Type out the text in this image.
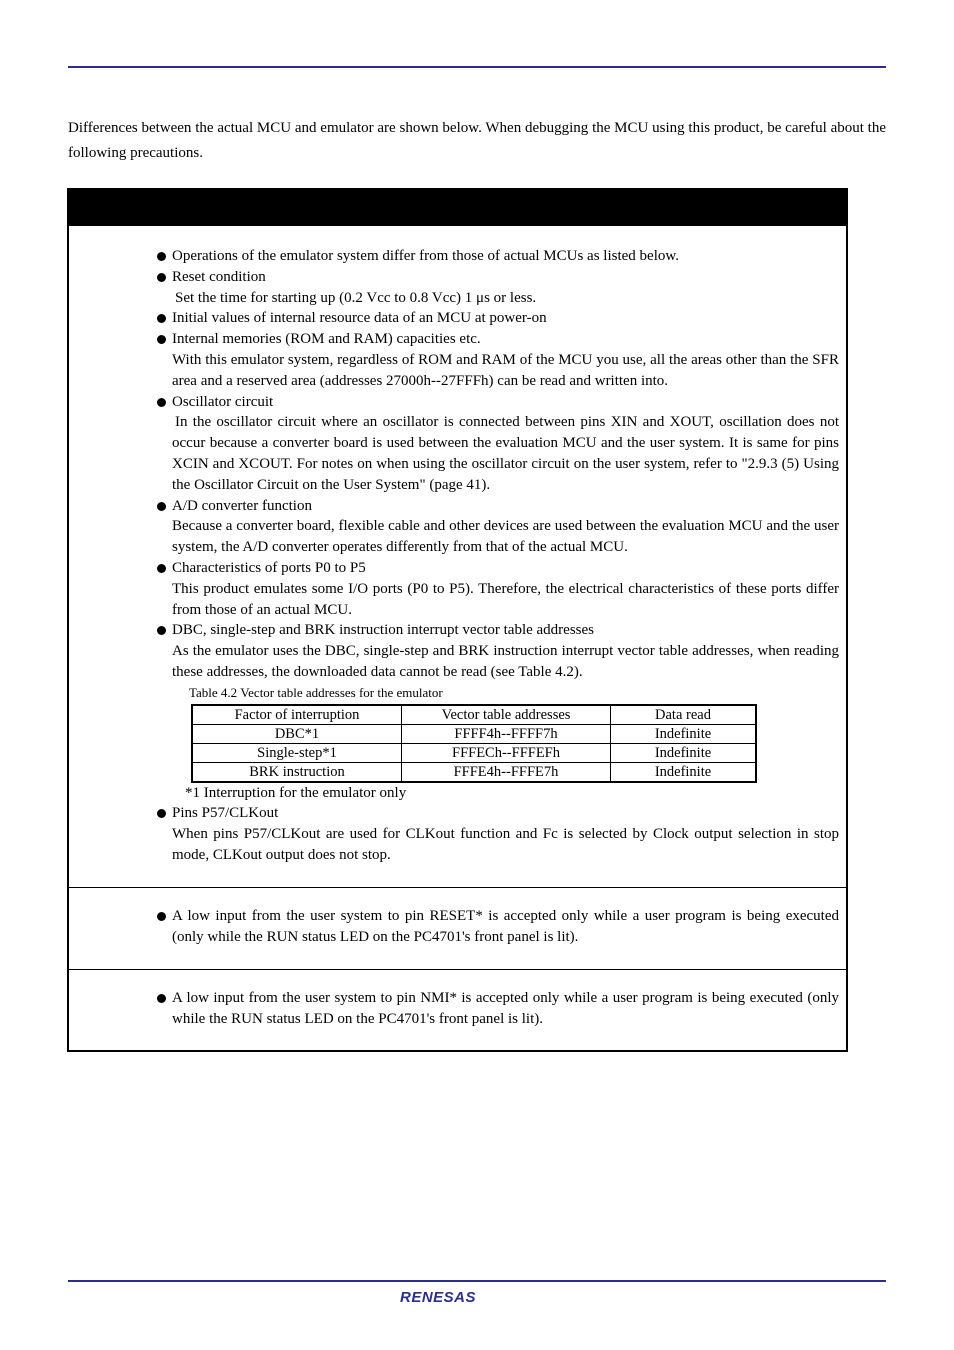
Differences between the actual MCU and emulator are shown below. When debugging the MCU using this product, be careful about the following precautions.
Operations of the emulator system differ from those of actual MCUs as listed below.
Reset condition
Set the time for starting up (0.2 Vcc to 0.8 Vcc) 1 μs or less.
Initial values of internal resource data of an MCU at power-on
Internal memories (ROM and RAM) capacities etc.
With this emulator system, regardless of ROM and RAM of the MCU you use, all the areas other than the SFR area and a reserved area (addresses 27000h--27FFFh) can be read and written into.
Oscillator circuit
In the oscillator circuit where an oscillator is connected between pins XIN and XOUT, oscillation does not occur because a converter board is used between the evaluation MCU and the user system. It is same for pins XCIN and XCOUT. For notes on when using the oscillator circuit on the user system, refer to "2.9.3 (5) Using the Oscillator Circuit on the User System" (page 41).
A/D converter function
Because a converter board, flexible cable and other devices are used between the evaluation MCU and the user system, the A/D converter operates differently from that of the actual MCU.
Characteristics of ports P0 to P5
This product emulates some I/O ports (P0 to P5). Therefore, the electrical characteristics of these ports differ from those of an actual MCU.
DBC, single-step and BRK instruction interrupt vector table addresses
As the emulator uses the DBC, single-step and BRK instruction interrupt vector table addresses, when reading these addresses, the downloaded data cannot be read (see Table 4.2).
Table 4.2 Vector table addresses for the emulator
Factor of interruption	Vector table addresses	Data read
DBC*1	FFFF4h--FFFF7h	Indefinite
Single-step*1	FFFECh--FFFEFh	Indefinite
BRK instruction	FFFE4h--FFFE7h	Indefinite
*1 Interruption for the emulator only
Pins P57/CLKout
When pins P57/CLKout are used for CLKout function and Fc is selected by Clock output selection in stop mode, CLKout output does not stop.
A low input from the user system to pin RESET* is accepted only while a user program is being executed (only while the RUN status LED on the PC4701's front panel is lit).
A low input from the user system to pin NMI* is accepted only while a user program is being executed (only while the RUN status LED on the PC4701's front panel is lit).
RENESAS
